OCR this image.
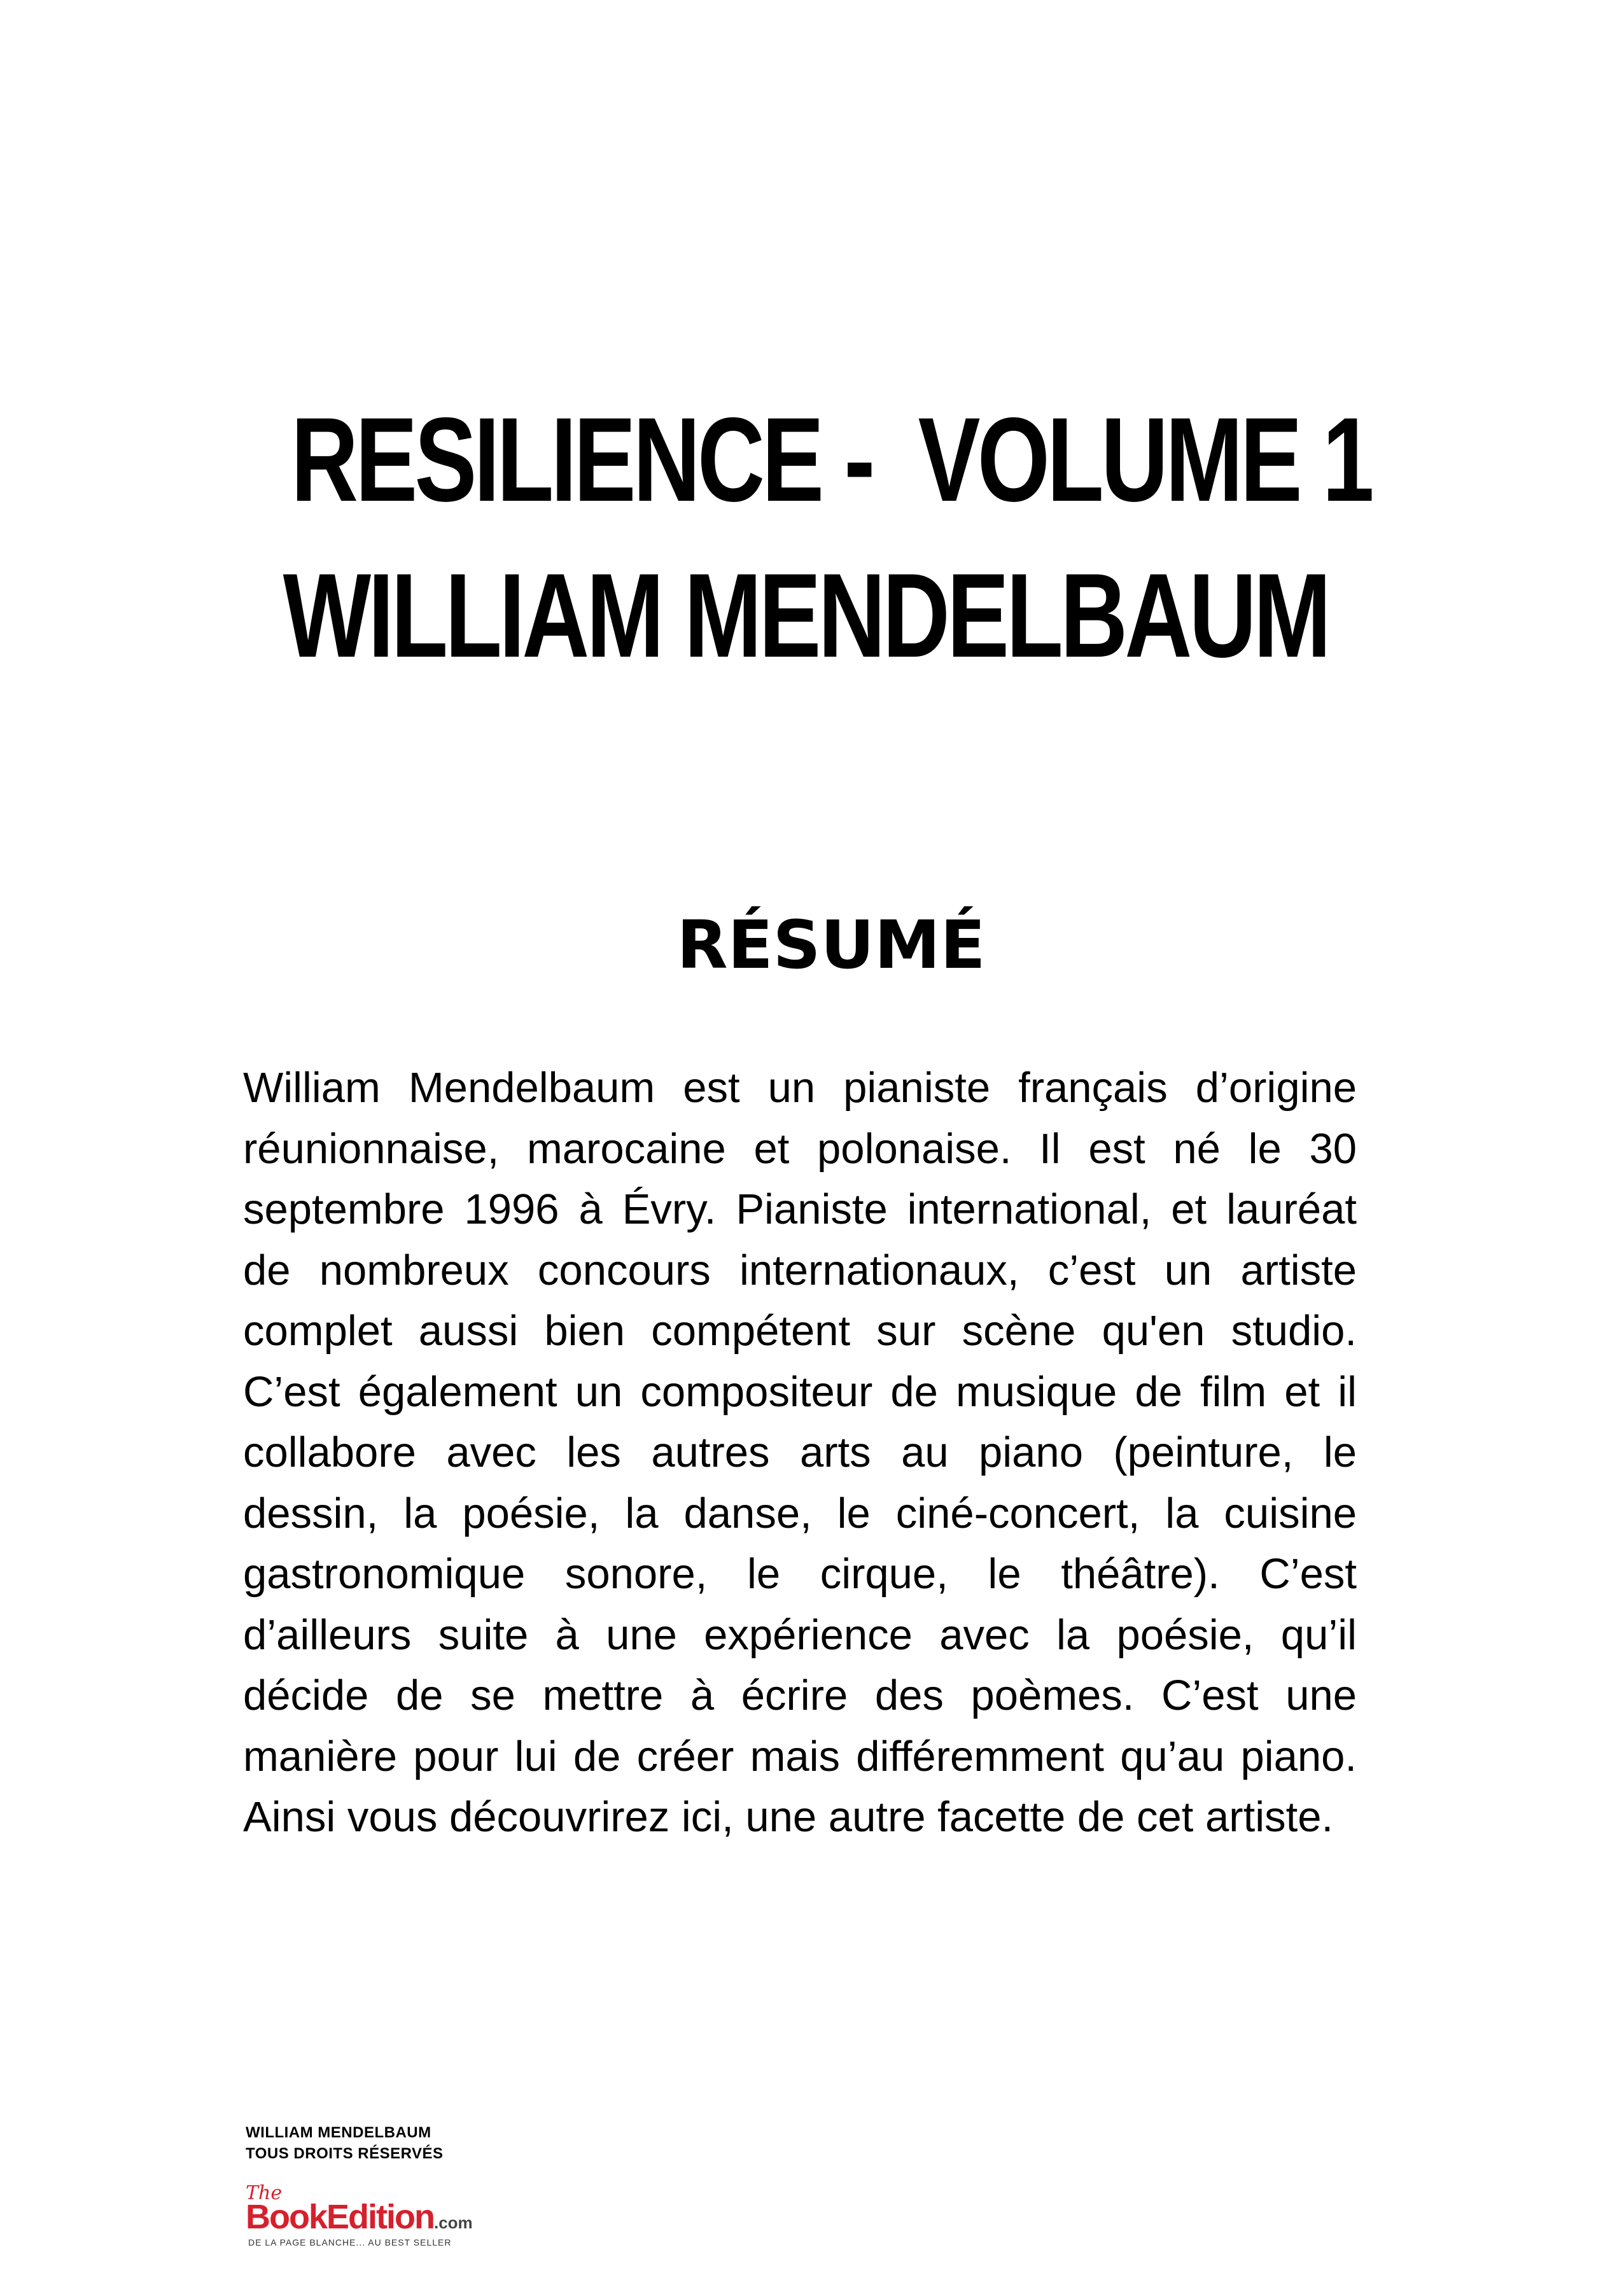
RESILIENCE -  VOLUME 1
WILLIAM MENDELBAUM
RÉSUMÉ
William Mendelbaum est un pianiste français d’origine réunionnaise, marocaine et polonaise. Il est né le 30 septembre 1996 à Évry. Pianiste international, et lauréat de nombreux concours internationaux, c’est un artiste complet aussi bien compétent sur scène qu'en studio. C’est également un compositeur de musique de film et il collabore avec les autres arts au piano (peinture, le dessin, la poésie, la danse, le ciné-concert, la cuisine gastronomique sonore, le cirque, le théâtre). C’est d’ailleurs suite à une expérience avec la poésie, qu’il décide de se mettre à écrire des poèmes. C’est une manière pour lui de créer mais différemment qu’au piano. Ainsi vous découvrirez ici, une autre facette de cet artiste.
WILLIAM MENDELBAUM
TOUS DROITS RÉSERVÉS
The
BookEdition.com
DE LA PAGE BLANCHE... AU BEST SELLER
